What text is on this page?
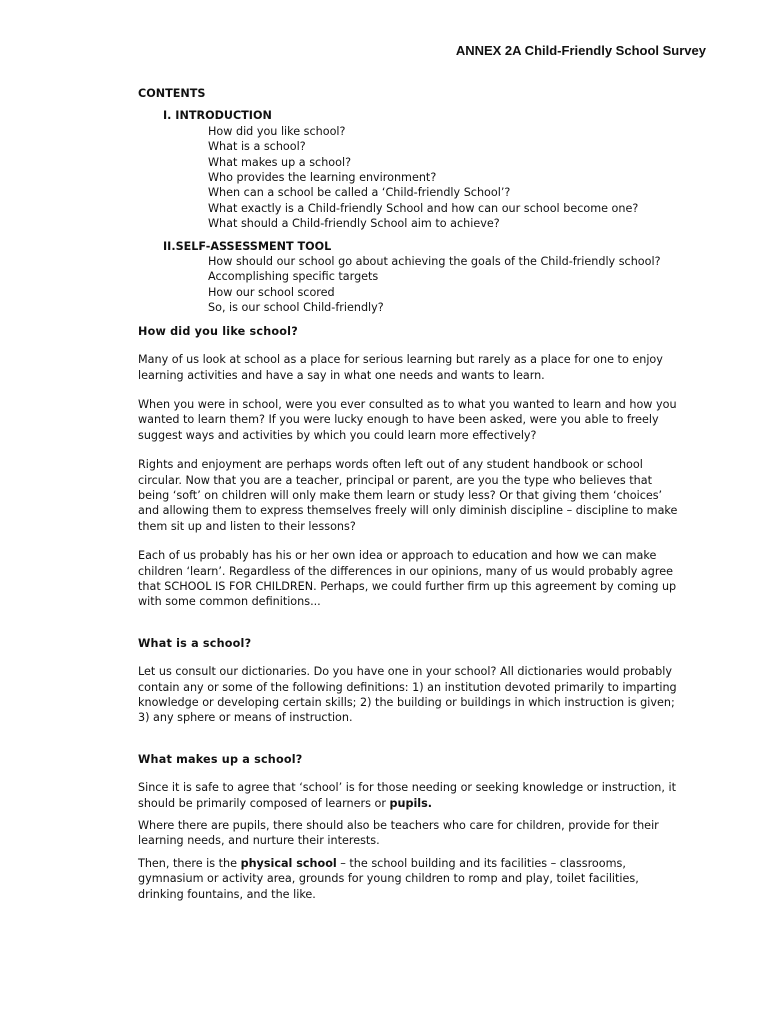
ANNEX 2A Child-Friendly School Survey
CONTENTS
I. INTRODUCTION
How did you like school?
What is a school?
What makes up a school?
Who provides the learning environment?
When can a school be called a ‘Child-friendly School’?
What exactly is a Child-friendly School and how can our school become one?
What should a Child-friendly School aim to achieve?
II.SELF-ASSESSMENT TOOL
How should our school go about achieving the goals of the Child-friendly school?
Accomplishing specific targets
How our school scored
So, is our school Child-friendly?
How did you like school?

Many of us look at school as a place for serious learning but rarely as a place for one to enjoy learning activities and have a say in what one needs and wants to learn.

When you were in school, were you ever consulted as to what you wanted to learn and how you wanted to learn them? If you were lucky enough to have been asked, were you able to freely suggest ways and activities by which you could learn more effectively?

Rights and enjoyment are perhaps words often left out of any student handbook or school circular. Now that you are a teacher, principal or parent, are you the type who believes that being ‘soft’ on children will only make them learn or study less? Or that giving them ‘choices’ and allowing them to express themselves freely will only diminish discipline – discipline to make them sit up and listen to their lessons?

Each of us probably has his or her own idea or approach to education and how we can make children ‘learn’. Regardless of the differences in our opinions, many of us would probably agree that SCHOOL IS FOR CHILDREN. Perhaps, we could further firm up this agreement by coming up with some common definitions...

What is a school?

Let us consult our dictionaries. Do you have one in your school? All dictionaries would probably contain any or some of the following definitions: 1) an institution devoted primarily to imparting knowledge or developing certain skills; 2) the building or buildings in which instruction is given; 3) any sphere or means of instruction.

What makes up a school?

Since it is safe to agree that ‘school’ is for those needing or seeking knowledge or instruction, it should be primarily composed of learners or pupils.

Where there are pupils, there should also be teachers who care for children, provide for their learning needs, and nurture their interests.

Then, there is the physical school – the school building and its facilities – classrooms, gymnasium or activity area, grounds for young children to romp and play, toilet facilities, drinking fountains, and the like.
